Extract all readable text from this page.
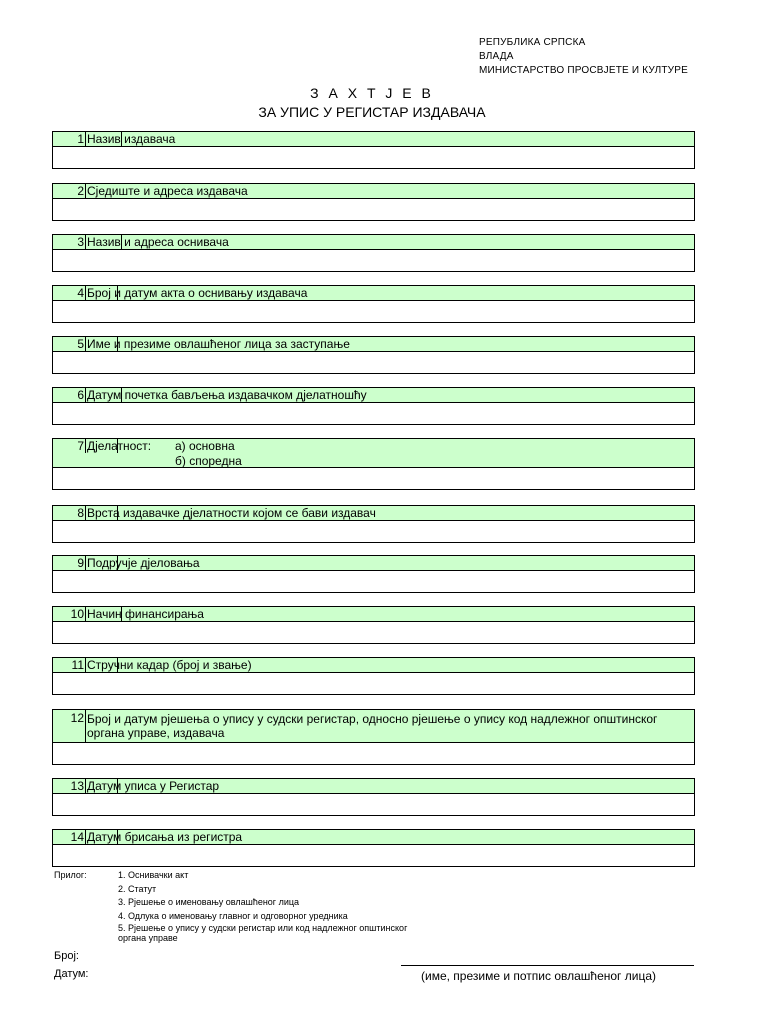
РЕПУБЛИКА СРПСКА
ВЛАДА
МИНИСТАРСТВО ПРОСВЈЕТЕ И КУЛТУРЕ
З А Х Т Ј Е В
ЗА УПИС У РЕГИСТАР ИЗДАВАЧА
1 Назив издавача
2 Сједиште и адреса издавача
3 Назив и адреса оснивача
4 Број и датум акта о оснивању издавача
5 Име и презиме овлашћеног лица за заступање
6 Датум почетка бављења издавачком дјелатношћу
7 Дјелатност: а) основна
б) споредна
8 Врста издавачке дјелатности којом се бави издавач
9 Подручје дјеловања
10 Начин финансирања
11 Стручни кадар (број и звање)
12 Број и датум рјешења о упису у судски регистар, односно рјешење о упису код надлежног општинског органа управе, издавача
13 Датум уписа у Регистар
14 Датум брисања из регистра
Прилог:	1. Оснивачки акт
2. Статут
3. Рјешење о именовању овлашћеног лица
4. Одлука о именовању главног и одговорног уредника
5. Рјешење о упису у судски регистар или код надлежног општинског органа управе
Број:
Датум:	(име, презиме и потпис овлашћеног лица)
